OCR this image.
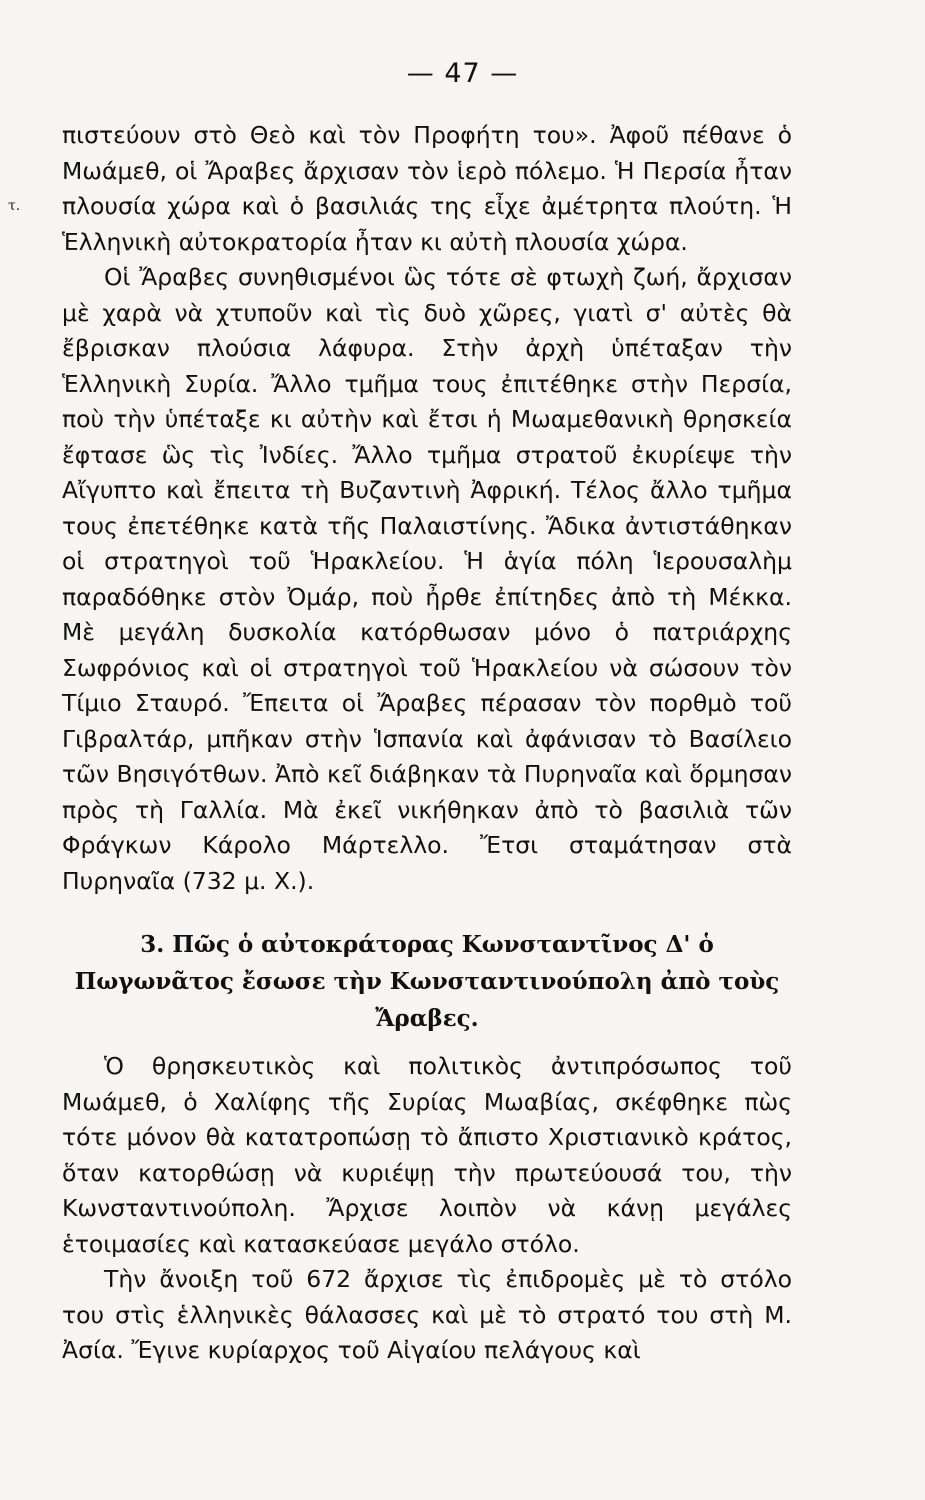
τ.
— 47 —

πιστεύουν στὸ Θεὸ καὶ τὸν Προφήτη του». Ἀφοῦ πέθανε ὁ Μωάμεθ, οἱ Ἄραβες ἄρχισαν τὸν ἱερὸ πόλεμο. Ἡ Περσία ἦταν πλουσία χώρα καὶ ὁ βασιλιάς της εἶχε ἀμέτρητα πλούτη. Ἡ Ἑλληνικὴ αὐτοκρατορία ἦταν κι αὐτὴ πλουσία χώρα.

Οἱ Ἄραβες συνηθισμένοι ὣς τότε σὲ φτωχὴ ζωή, ἄρχισαν μὲ χαρὰ νὰ χτυποῦν καὶ τὶς δυὸ χῶρες, γιατὶ σ' αὐτὲς θὰ ἔβρισκαν πλούσια λάφυρα. Στὴν ἀρχὴ ὑπέταξαν τὴν Ἑλληνικὴ Συρία. Ἄλλο τμῆμα τους ἐπιτέθηκε στὴν Περσία, ποὺ τὴν ὑπέταξε κι αὐτὴν καὶ ἔτσι ἡ Μωαμεθανικὴ θρησκεία ἔφτασε ὣς τὶς Ἰνδίες. Ἄλλο τμῆμα στρατοῦ ἐκυρίεψε τὴν Αἴγυπτο καὶ ἔπειτα τὴ Βυζαντινὴ Ἀφρική. Τέλος ἄλλο τμῆμα τους ἐπετέθηκε κατὰ τῆς Παλαιστίνης. Ἄδικα ἀντιστάθηκαν οἱ στρατηγοὶ τοῦ Ἡρακλείου. Ἡ ἁγία πόλη Ἱερουσαλὴμ παραδόθηκε στὸν Ὀμάρ, ποὺ ἦρθε ἐπίτηδες ἀπὸ τὴ Μέκκα. Μὲ μεγάλη δυσκολία κατόρθωσαν μόνο ὁ πατριάρχης Σωφρόνιος καὶ οἱ στρατηγοὶ τοῦ Ἡρακλείου νὰ σώσουν τὸν Τίμιο Σταυρό. Ἔπειτα οἱ Ἄραβες πέρασαν τὸν πορθμὸ τοῦ Γιβραλτάρ, μπῆκαν στὴν Ἱσπανία καὶ ἀφάνισαν τὸ Βασίλειο τῶν Βησιγότθων. Ἀπὸ κεῖ διάβηκαν τὰ Πυρηναῖα καὶ ὅρμησαν πρὸς τὴ Γαλλία. Μὰ ἐκεῖ νικήθηκαν ἀπὸ τὸ βασιλιὰ τῶν Φράγκων Κάρολο Μάρτελλο. Ἔτσι σταμάτησαν στὰ Πυρηναῖα (732 μ. Χ.).

3. Πῶς ὁ αὐτοκράτορας Κωνσταντῖνος Δ' ὁ Πωγωνᾶτος ἔσωσε τὴν Κωνσταντινούπολη ἀπὸ τοὺς Ἄραβες.

Ὁ θρησκευτικὸς καὶ πολιτικὸς ἀντιπρόσωπος τοῦ Μωάμεθ, ὁ Χαλίφης τῆς Συρίας Μωαβίας, σκέφθηκε πὼς τότε μόνον θὰ κατατροπώσῃ τὸ ἄπιστο Χριστιανικὸ κράτος, ὅταν κατορθώσῃ νὰ κυριέψῃ τὴν πρωτεύουσά του, τὴν Κωνσταντινούπολη. Ἄρχισε λοιπὸν νὰ κάνῃ μεγάλες ἑτοιμασίες καὶ κατασκεύασε μεγάλο στόλο.

Τὴν ἄνοιξη τοῦ 672 ἄρχισε τὶς ἐπιδρομὲς μὲ τὸ στόλο του στὶς ἑλληνικὲς θάλασσες καὶ μὲ τὸ στρατό του στὴ Μ. Ἀσία. Ἔγινε κυρίαρχος τοῦ Αἰγαίου πελάγους καὶ
